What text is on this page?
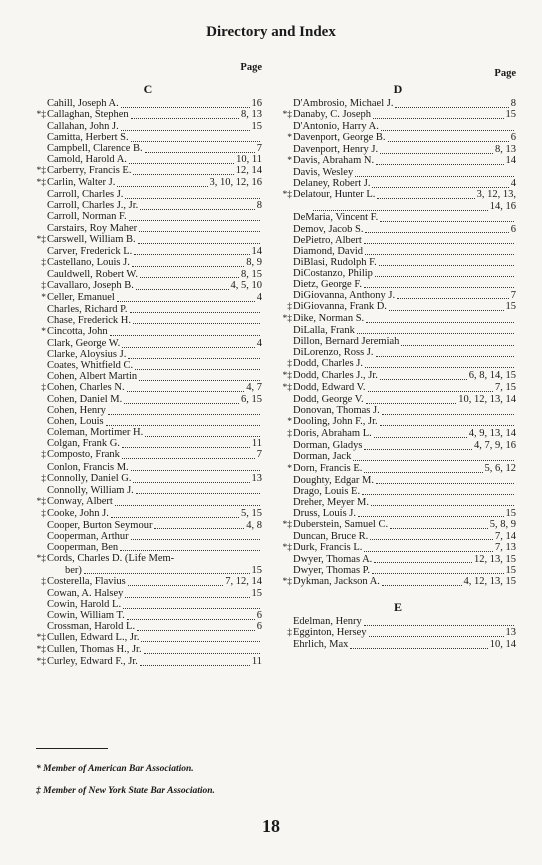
Directory and Index
Page
C
Cahill, Joseph A.	16
*‡ Callaghan, Stephen	8, 13
Callahan, John J.	15
Camitta, Herbert S.
Campbell, Clarence B.	7
Camold, Harold A.	10, 11
*‡ Carberry, Francis E.	12, 14
*‡ Carlin, Walter J.	3, 10, 12, 16
Carroll, Charles J.
Carroll, Charles J., Jr.	8
Carroll, Norman F.
Carstairs, Roy Maher
*‡ Carswell, William B.
Carver, Frederick L.	14
‡ Castellano, Louis J.	8, 9
Cauldwell, Robert W.	8, 15
‡ Cavallaro, Joseph B.	4, 5, 10
* Celler, Emanuel	4
Charles, Richard P.
Chase, Frederick H.
* Cincotta, John
Clark, George W.	4
Clarke, Aloysius J.
Coates, Whitfield C.
Cohen, Albert Martin
‡ Cohen, Charles N.	4, 7
Cohen, Daniel M.	6, 15
Cohen, Henry
Cohen, Louis
Coleman, Mortimer H.
Colgan, Frank G.	11
‡ Composto, Frank	7
Conlon, Francis M.
‡ Connolly, Daniel G.	13
Connolly, William J.
*‡ Conway, Albert
‡ Cooke, John J.	5, 15
Cooper, Burton Seymour	4, 8
Cooperman, Arthur
Cooperman, Ben
*‡ Cords, Charles D. (Life Mem-
ber)	15
‡ Costerella, Flavius	7, 12, 14
Cowan, A. Halsey	15
Cowin, Harold L.
Cowin, William T.	6
Crossman, Harold L.	6
*‡ Cullen, Edward L., Jr.
*‡ Cullen, Thomas H., Jr.
*‡ Curley, Edward F., Jr.	11
Page
D
D'Ambrosio, Michael J.	8
*‡ Danaby, C. Joseph	15
D'Antonio, Harry A.
* Davenport, George B.	6
Davenport, Henry J.	8, 13
* Davis, Abraham N.	14
Davis, Wesley
Delaney, Robert J.	4
*‡ Delatour, Hunter L.	3, 12, 13,
14, 16
DeMaria, Vincent F.
Demov, Jacob S.	6
DePietro, Albert
Diamond, David
DiBlasi, Rudolph F.
DiCostanzo, Philip
Dietz, George F.
DiGiovanna, Anthony J.	7
‡ DiGiovanna, Frank D.	15
*‡ Dike, Norman S.
DiLalla, Frank
Dillon, Bernard Jeremiah
DiLorenzo, Ross J.
‡ Dodd, Charles J.
*‡ Dodd, Charles J., Jr.	6, 8, 14, 15
*‡ Dodd, Edward V.	7, 15
Dodd, George V.	10, 12, 13, 14
Donovan, Thomas J.
* Dooling, John F., Jr.
‡ Doris, Abraham L.	4, 9, 13, 14
Dorman, Gladys	4, 7, 9, 16
Dorman, Jack
* Dorn, Francis E.	5, 6, 12
Doughty, Edgar M.
Drago, Louis E.
Dreher, Meyer M.
Druss, Louis J.	15
*‡ Duberstein, Samuel C.	5, 8, 9
Duncan, Bruce R.	7, 14
*‡ Durk, Francis L.	7, 13
Dwyer, Thomas A.	12, 13, 15
Dwyer, Thomas P.	15
*‡ Dykman, Jackson A.	4, 12, 13, 15
E
Edelman, Henry
‡ Egginton, Hersey	13
Ehrlich, Max	10, 14
* Member of American Bar Association.
‡ Member of New York State Bar Association.
18
